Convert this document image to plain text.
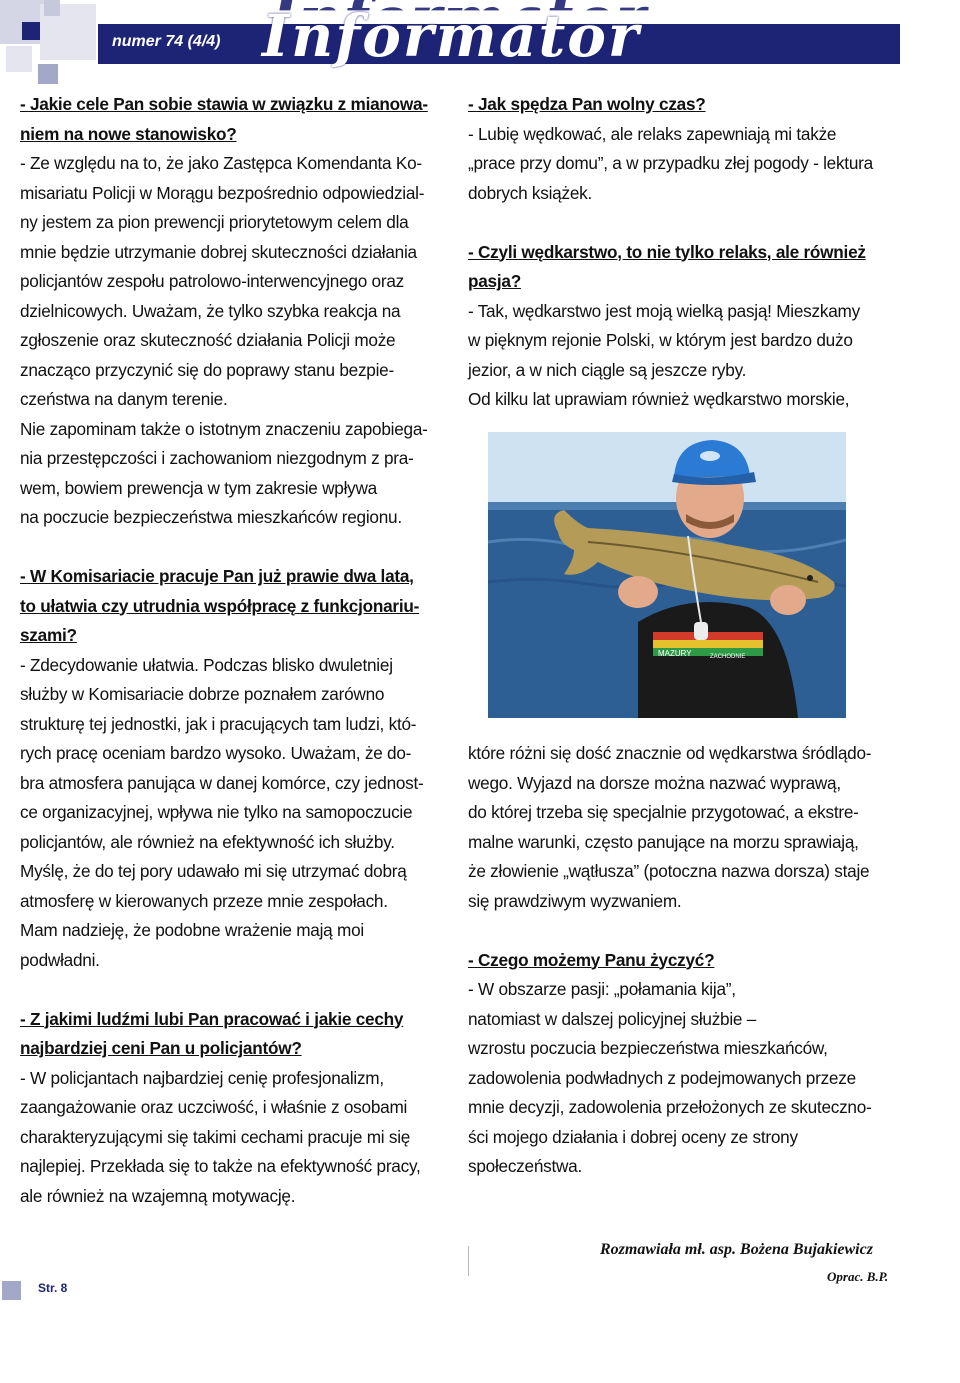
Informator
numer 74 (4/4)

- Jakie cele Pan sobie stawia w związku z mianowa-

niem na nowe stanowisko?

- Ze względu na to, że jako Zastępca Komendanta Ko-

misariatu Policji w Morągu bezpośrednio odpowiedzial-

ny jestem za pion prewencji priorytetowym celem dla

mnie będzie utrzymanie dobrej skuteczności działania

policjantów zespołu patrolowo-interwencyjnego oraz

dzielnicowych. Uważam, że tylko szybka reakcja na

zgłoszenie oraz skuteczność działania Policji może

znacząco przyczynić się do poprawy stanu bezpie-

czeństwa na danym terenie.

Nie zapominam także o istotnym znaczeniu zapobiega-

nia przestępczości i zachowaniom niezgodnym z pra-

wem, bowiem prewencja w tym zakresie wpływa

na poczucie bezpieczeństwa mieszkańców regionu.

- W Komisariacie pracuje Pan już prawie dwa lata,

to ułatwia czy utrudnia współpracę z funkcjonariu-

szami?

- Zdecydowanie ułatwia. Podczas blisko dwuletniej

służby w Komisariacie dobrze poznałem zarówno

strukturę tej jednostki, jak i pracujących tam ludzi, któ-

rych pracę oceniam bardzo wysoko. Uważam, że do-

bra atmosfera panująca w danej komórce, czy jednost-

ce organizacyjnej, wpływa nie tylko na samopoczucie

policjantów, ale również na efektywność ich służby.

Myślę, że do tej pory udawało mi się utrzymać dobrą

atmosferę w kierowanych przeze mnie zespołach.

Mam nadzieję, że podobne wrażenie mają moi

podwładni.

- Z jakimi ludźmi lubi Pan pracować i jakie cechy

najbardziej ceni Pan u policjantów?

- W policjantach najbardziej cenię profesjonalizm,

zaangażowanie oraz uczciwość, i właśnie z osobami

charakteryzującymi się takimi cechami pracuje mi się

najlepiej. Przekłada się to także na efektywność pracy,

ale również na wzajemną motywację.

- Jak spędza Pan wolny czas?

- Lubię wędkować, ale relaks zapewniają mi także

„prace przy domu”, a w przypadku złej pogody - lektura

dobrych książek.

- Czyli wędkarstwo, to nie tylko relaks, ale również

pasja?

- Tak, wędkarstwo jest moją wielką pasją! Mieszkamy

w pięknym rejonie Polski, w którym jest bardzo dużo

jezior, a w nich ciągle są jeszcze ryby.

Od kilku lat uprawiam również wędkarstwo morskie,

MAZURY	ZACHODNIE

które różni się dość znacznie od wędkarstwa śródlądo-

wego. Wyjazd na dorsze można nazwać wyprawą,

do której trzeba się specjalnie przygotować, a ekstre-

malne warunki, często panujące na morzu sprawiają,

że złowienie „wątłusza” (potoczna nazwa dorsza) staje

się prawdziwym wyzwaniem.

- Czego możemy Panu życzyć?

- W obszarze pasji: „połamania kija”,

natomiast w dalszej policyjnej służbie –

wzrostu poczucia bezpieczeństwa mieszkańców,

zadowolenia podwładnych z podejmowanych przeze

mnie decyzji, zadowolenia przełożonych ze skuteczno-

ści mojego działania i dobrej oceny ze strony

społeczeństwa.

Rozmawiała mł. asp. Bożena Bujakiewicz
Oprac. B.P.
Str. 8
